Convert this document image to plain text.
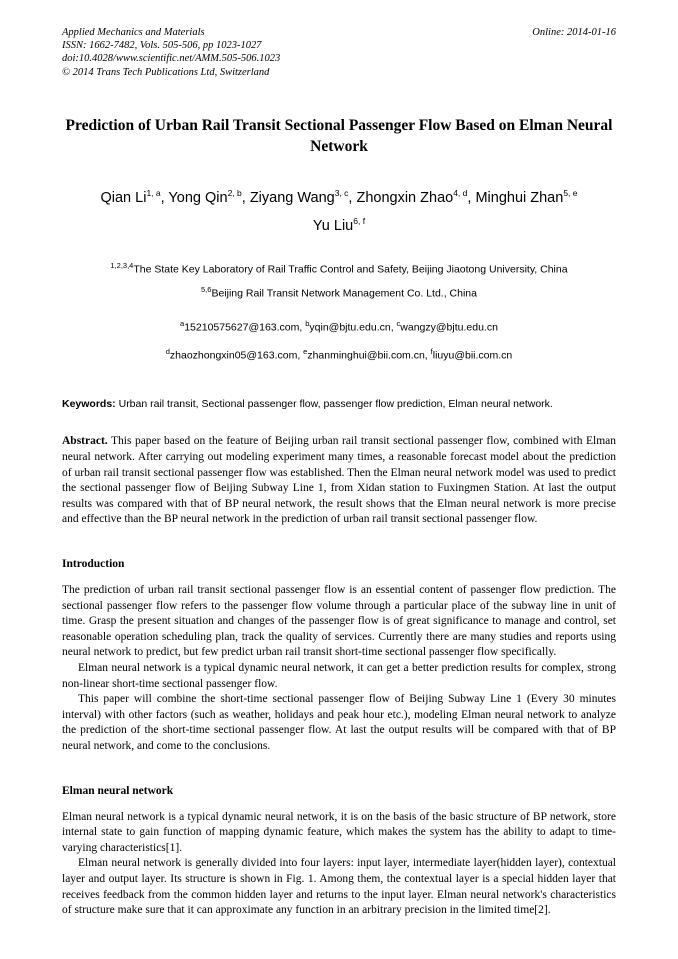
Applied Mechanics and Materials
ISSN: 1662-7482, Vols. 505-506, pp 1023-1027
doi:10.4028/www.scientific.net/AMM.505-506.1023
© 2014 Trans Tech Publications Ltd, Switzerland
Online: 2014-01-16
Prediction of Urban Rail Transit Sectional Passenger Flow Based on Elman Neural Network
Qian Li$^{1, a}$, Yong Qin$^{2, b}$, Ziyang Wang$^{3, c}$, Zhongxin Zhao$^{4, d}$, Minghui Zhan$^{5, e}$
Yu Liu$^{6, f}$
$^{1,2,3,4}$The State Key Laboratory of Rail Traffic Control and Safety, Beijing Jiaotong University, China
$^{5,6}$Beijing Rail Transit Network Management Co. Ltd., China
$^a$15210575627@163.com, $^b$yqin@bjtu.edu.cn, $^c$wangzy@bjtu.edu.cn
$^d$zhaozhongxin05@163.com, $^e$zhanminghui@bii.com.cn, $^f$liuyu@bii.com.cn
Keywords: Urban rail transit, Sectional passenger flow, passenger flow prediction, Elman neural network.
Abstract. This paper based on the feature of Beijing urban rail transit sectional passenger flow, combined with Elman neural network. After carrying out modeling experiment many times, a reasonable forecast model about the prediction of urban rail transit sectional passenger flow was established. Then the Elman neural network model was used to predict the sectional passenger flow of Beijing Subway Line 1, from Xidan station to Fuxingmen Station. At last the output results was compared with that of BP neural network, the result shows that the Elman neural network is more precise and effective than the BP neural network in the prediction of urban rail transit sectional passenger flow.
Introduction

The prediction of urban rail transit sectional passenger flow is an essential content of passenger flow prediction. The sectional passenger flow refers to the passenger flow volume through a particular place of the subway line in unit of time. Grasp the present situation and changes of the passenger flow is of great significance to manage and control, set reasonable operation scheduling plan, track the quality of services. Currently there are many studies and reports using neural network to predict, but few predict urban rail transit short-time sectional passenger flow specifically.

Elman neural network is a typical dynamic neural network, it can get a better prediction results for complex, strong non-linear short-time sectional passenger flow.

This paper will combine the short-time sectional passenger flow of Beijing Subway Line 1 (Every 30 minutes interval) with other factors (such as weather, holidays and peak hour etc.), modeling Elman neural network to analyze the prediction of the short-time sectional passenger flow. At last the output results will be compared with that of BP neural network, and come to the conclusions.

Elman neural network

Elman neural network is a typical dynamic neural network, it is on the basis of the basic structure of BP network, store internal state to gain function of mapping dynamic feature, which makes the system has the ability to adapt to time-varying characteristics[1].

Elman neural network is generally divided into four layers: input layer, intermediate layer(hidden layer), contextual layer and output layer. Its structure is shown in Fig. 1. Among them, the contextual layer is a special hidden layer that receives feedback from the common hidden layer and returns to the input layer. Elman neural network's characteristics of structure make sure that it can approximate any function in an arbitrary precision in the limited time[2].
